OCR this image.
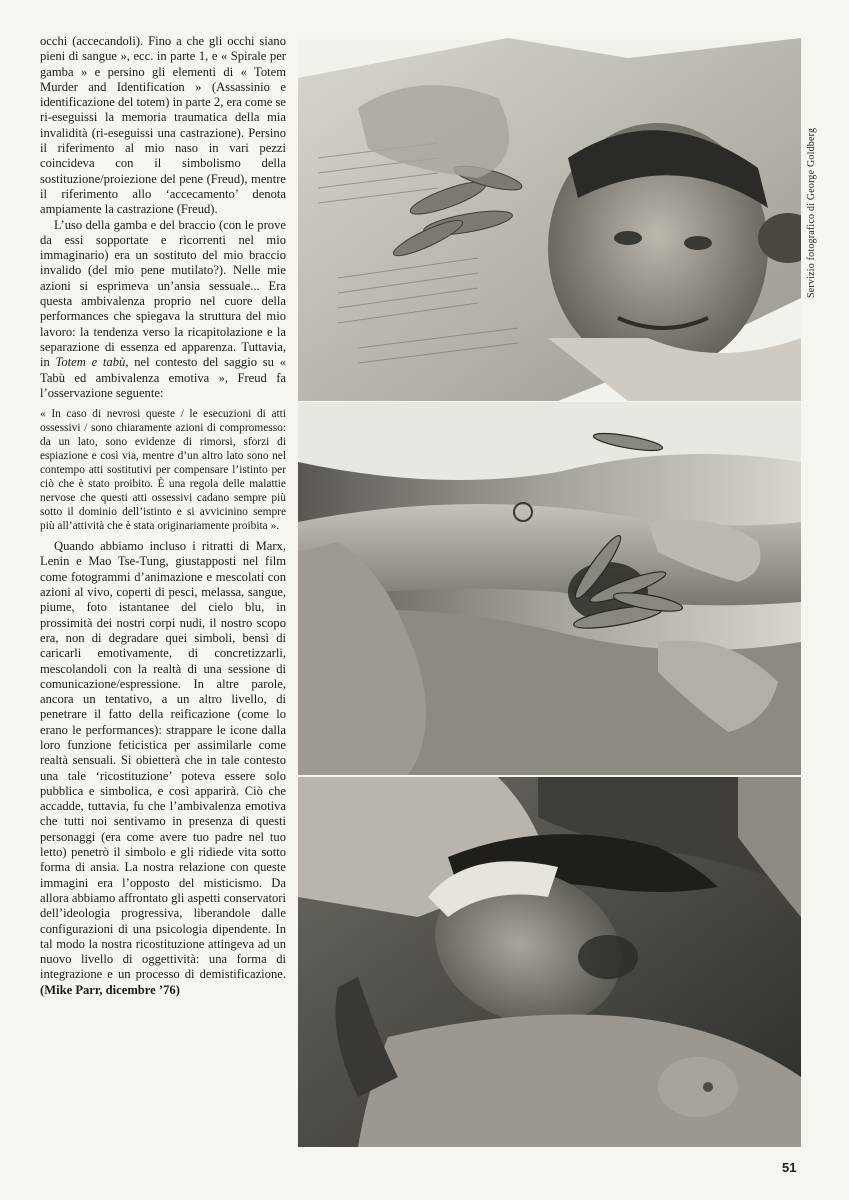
occhi (accecandoli). Fino a che gli occhi siano pieni di sangue », ecc. in parte 1, e « Spirale per gamba » e persino gli elementi di « Totem Murder and Identification » (Assassinio e identificazione del totem) in parte 2, era come se ri-eseguissi la memoria traumatica della mia invalidità (ri-eseguissi una castrazione). Persino il riferimento al mio naso in vari pezzi coincideva con il simbolismo della sostituzione/proiezione del pene (Freud), mentre il riferimento allo ‘accecamento’ denota ampiamente la castrazione (Freud).

L’uso della gamba e del braccio (con le prove da essi sopportate e ricorrenti nel mio immaginario) era un sostituto del mio braccio invalido (del mio pene mutilato?). Nelle mie azioni si esprimeva un’ansia sessuale... Era questa ambivalenza proprio nel cuore della performances che spiegava la struttura del mio lavoro: la tendenza verso la ricapitolazione e la separazione di essenza ed apparenza. Tuttavia, in Totem e tabù, nel contesto del saggio su « Tabù ed ambivalenza emotiva », Freud fa l’osservazione seguente:

« In caso di nevrosi queste / le esecuzioni di atti ossessivi / sono chiaramente azioni di compromesso: da un lato, sono evidenze di rimorsi, sforzi di espiazione e così via, mentre d’un altro lato sono nel contempo atti sostitutivi per compensare l’istinto per ciò che è stato proibito. È una regola delle malattie nervose che questi atti ossessivi cadano sempre più sotto il dominio dell’istinto e si avvicinino sempre più all’attività che è stata originariamente proibita ».

Quando abbiamo incluso i ritratti di Marx, Lenin e Mao Tse-Tung, giustapposti nel film come fotogrammi d’animazione e mescolati con azioni al vivo, coperti di pesci, melassa, sangue, piume, foto istantanee del cielo blu, in prossimità dei nostri corpi nudi, il nostro scopo era, non di degradare quei simboli, bensì di caricarli emotivamente, di concretizzarli, mescolandoli con la realtà di una sessione di comunicazione/espressione. In altre parole, ancora un tentativo, a un altro livello, di penetrare il fatto della reificazione (come lo erano le performances): strappare le icone dalla loro funzione feticistica per assimilarle come realtà sensuali. Si obietterà che in tale contesto una tale ‘ricostituzione’ poteva essere solo pubblica e simbolica, e così apparirà. Ciò che accadde, tuttavia, fu che l’ambivalenza emotiva che tutti noi sentivamo in presenza di questi personaggi (era come avere tuo padre nel tuo letto) penetrò il simbolo e gli ridiede vita sotto forma di ansia. La nostra relazione con queste immagini era l’opposto del misticismo. Da allora abbiamo affrontato gli aspetti conservatori dell’ideologia progressiva, liberandole dalle configurazioni di una psicologia dipendente. In tal modo la nostra ricostituzione attingeva ad un nuovo livello di oggettività: una forma di integrazione e un processo di demistificazione. (Mike Parr, dicembre ’76)

Servizio fotografico di George Goldberg
51
